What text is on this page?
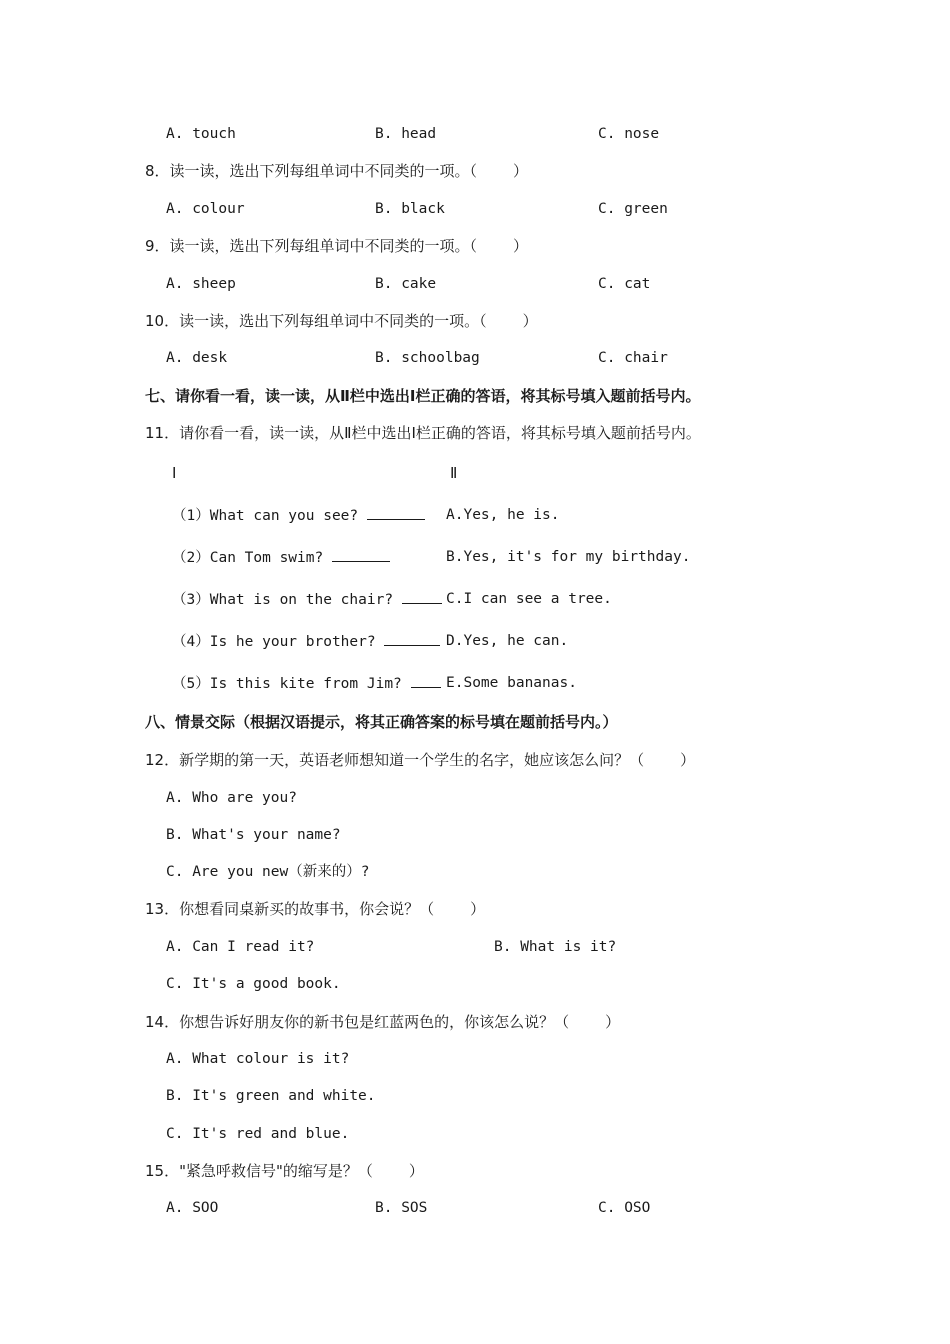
A. touch	B. head	C. nose
8．读一读，选出下列每组单词中不同类的一项。（ ）
A. colour	B. black	C. green
9．读一读，选出下列每组单词中不同类的一项。（ ）
A. sheep	B. cake	C. cat
10．读一读，选出下列每组单词中不同类的一项。（ ）
A. desk	B. schoolbag	C. chair
七、请你看一看，读一读，从Ⅱ栏中选出Ⅰ栏正确的答语，将其标号填入题前括号内。
11．请你看一看，读一读，从Ⅱ栏中选出Ⅰ栏正确的答语，将其标号填入题前括号内。
Ⅰ	Ⅱ
（1）What can you see?	A.Yes, he is.
（2）Can Tom swim?	B.Yes, it's for my birthday.
（3）What is on the chair?	C.I can see a tree.
（4）Is he your brother?	D.Yes, he can.
（5）Is this kite from Jim?	E.Some bananas.
八、情景交际（根据汉语提示，将其正确答案的标号填在题前括号内。）
12．新学期的第一天，英语老师想知道一个学生的名字，她应该怎么问？（ ）
A. Who are you?
B. What's your name?
C. Are you new（新来的）?
13．你想看同桌新买的故事书，你会说？（ ）
A. Can I read it?	B. What is it?
C. It's a good book.
14．你想告诉好朋友你的新书包是红蓝两色的，你该怎么说？（ ）
A. What colour is it?
B. It's green and white.
C. It's red and blue.
15．"紧急呼救信号"的缩写是？（ ）
A. SOO	B. SOS	C. OSO
